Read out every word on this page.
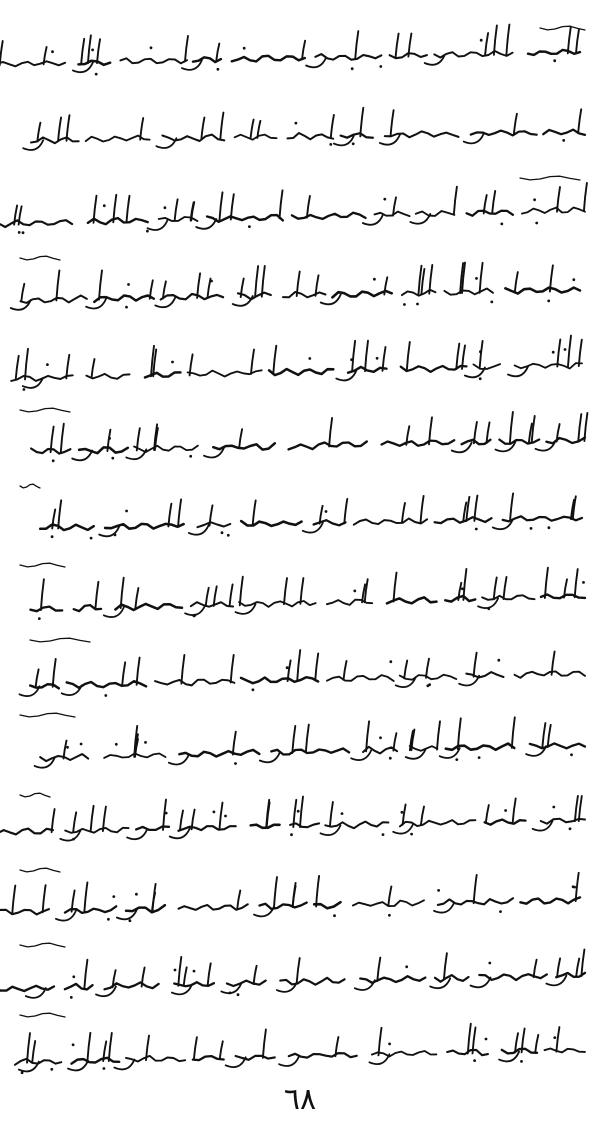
٦٨
